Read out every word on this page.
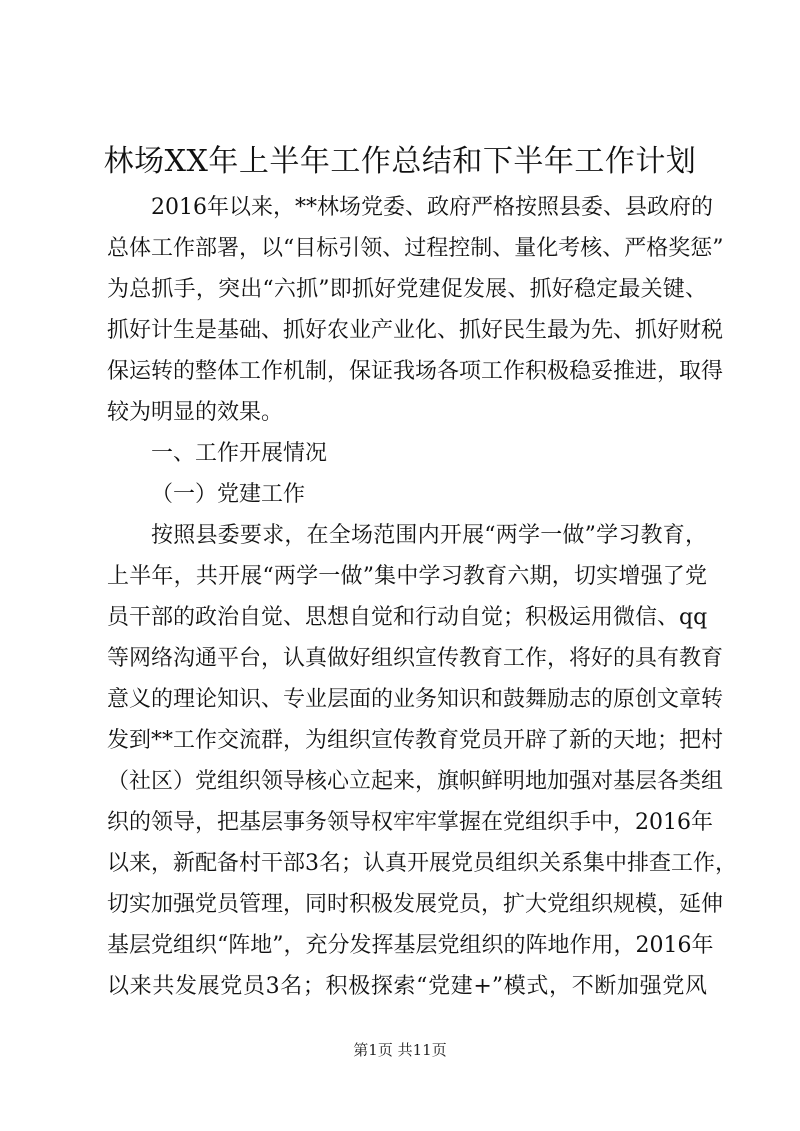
林场XX年上半年工作总结和下半年工作计划
2016年以来，**林场党委、政府严格按照县委、县政府的
总体工作部署，以“目标引领、过程控制、量化考核、严格奖惩”
为总抓手，突出“六抓”即抓好党建促发展、抓好稳定最关键、
抓好计生是基础、抓好农业产业化、抓好民生最为先、抓好财税
保运转的整体工作机制，保证我场各项工作积极稳妥推进，取得
较为明显的效果。
一、工作开展情况
（一）党建工作
按照县委要求，在全场范围内开展“两学一做”学习教育，
上半年，共开展“两学一做”集中学习教育六期，切实增强了党
员干部的政治自觉、思想自觉和行动自觉；积极运用微信、qq
等网络沟通平台，认真做好组织宣传教育工作，将好的具有教育
意义的理论知识、专业层面的业务知识和鼓舞励志的原创文章转
发到**工作交流群，为组织宣传教育党员开辟了新的天地；把村
（社区）党组织领导核心立起来，旗帜鲜明地加强对基层各类组
织的领导，把基层事务领导权牢牢掌握在党组织手中，2016年
以来，新配备村干部3名；认真开展党员组织关系集中排查工作，
切实加强党员管理，同时积极发展党员，扩大党组织规模，延伸
基层党组织“阵地”，充分发挥基层党组织的阵地作用，2016年
以来共发展党员3名；积极探索“党建+”模式，不断加强党风
第1页 共11页
